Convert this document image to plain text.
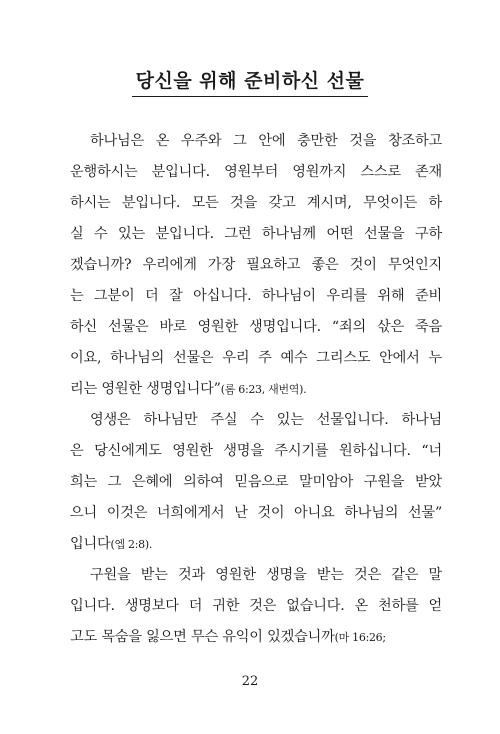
당신을 위해 준비하신 선물
하나님은 온 우주와 그 안에 충만한 것을 창조하고
운행하시는 분입니다. 영원부터 영원까지 스스로 존재
하시는 분입니다. 모든 것을 갖고 계시며, 무엇이든 하
실 수 있는 분입니다. 그런 하나님께 어떤 선물을 구하
겠습니까? 우리에게 가장 필요하고 좋은 것이 무엇인지
는 그분이 더 잘 아십니다. 하나님이 우리를 위해 준비
하신 선물은 바로 영원한 생명입니다. “죄의 삯은 죽음
이요, 하나님의 선물은 우리 주 예수 그리스도 안에서 누
리는 영원한 생명입니다”(롬 6:23, 새번역).
영생은 하나님만 주실 수 있는 선물입니다. 하나님
은 당신에게도 영원한 생명을 주시기를 원하십니다. “너
희는 그 은혜에 의하여 믿음으로 말미암아 구원을 받았
으니 이것은 너희에게서 난 것이 아니요 하나님의 선물”
입니다(엡 2:8).
구원을 받는 것과 영원한 생명을 받는 것은 같은 말
입니다. 생명보다 더 귀한 것은 없습니다. 온 천하를 얻
고도 목숨을 잃으면 무슨 유익이 있겠습니까(마 16:26;
22
